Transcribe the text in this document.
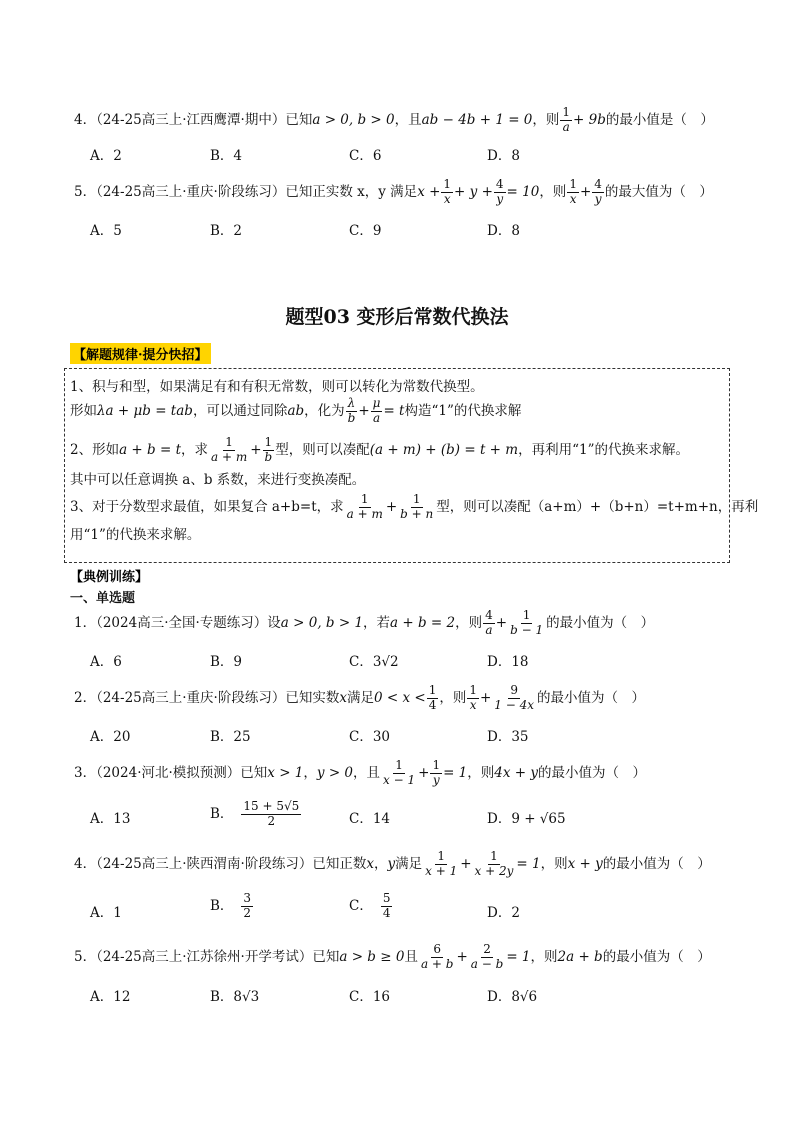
4．（24-25高三上·江西鹰潭·期中）已知a > 0, b > 0，且ab − 4b + 1 = 0，则 $\frac{1}{a} + 9b$的最小值是（　）
A．2	B．4	C．6	D．8
5．（24-25高三上·重庆·阶段练习）已知正实数 x，y 满足$x + \frac{1}{x} + y + \frac{4}{y} = 10$，则 $\frac{1}{x} + \frac{4}{y}$ 的最大值为（　）
A．5	B．2	C．9	D．8
题型03 变形后常数代换法
【解题规律·提分快招】
1、积与和型，如果满足有和有积无常数，则可以转化为常数代换型。
形如λa + μb = tab，可以通过同除ab，化为 $\frac{\lambda}{b} + \frac{\mu}{a} = t$构造“1”的代换求解
2、形如a + b = t，求 $\frac{1}{a + m} + \frac{1}{b}$ 型，则可以凑配(a + m) + (b) = t + m，再利用“1”的代换来求解。
其中可以任意调换 a、b 系数，来进行变换凑配。
3、对于分数型求最值，如果复合 a+b=t，求 $\frac{1}{a + m} + \frac{1}{b + n}$ 型，则可以凑配（a+m）+（b+n）=t+m+n，再利
用“1”的代换来求解。
【典例训练】
一、单选题
1．（2024高三·全国·专题练习）设a > 0, b > 1，若a + b = 2，则 $\frac{4}{a} + \frac{1}{b - 1}$ 的最小值为（　）
A．6	B．9	C．3√2	D．18
2．（24-25高三上·重庆·阶段练习）已知实数x满足$0 < x < \frac{1}{4}$ ，则 $\frac{1}{x} + \frac{9}{1 - 4x}$ 的最小值为（　）
A．20	B．25	C．30	D．35
3．（2024·河北·模拟预测）已知x > 1，y > 0，且 $\frac{1}{x - 1} + \frac{1}{y} = 1$，则4x + y的最小值为（　）
A．13	B． $\frac{15 + 5√5}{2}$	C．14	D．9 + √65
4．（24-25高三上·陕西渭南·阶段练习）已知正数x，y满足 $\frac{1}{x + 1} + \frac{1}{x + 2y} = 1$，则x + y的最小值为（　）
A．1	B． $\frac{3}{2}$	C． $\frac{5}{4}$	D．2
5．（24-25高三上·江苏徐州·开学考试）已知a > b ≥ 0且 $\frac{6}{a + b} + \frac{2}{a - b} = 1$，则2a + b的最小值为（　）
A．12	B．8√3	C．16	D．8√6
